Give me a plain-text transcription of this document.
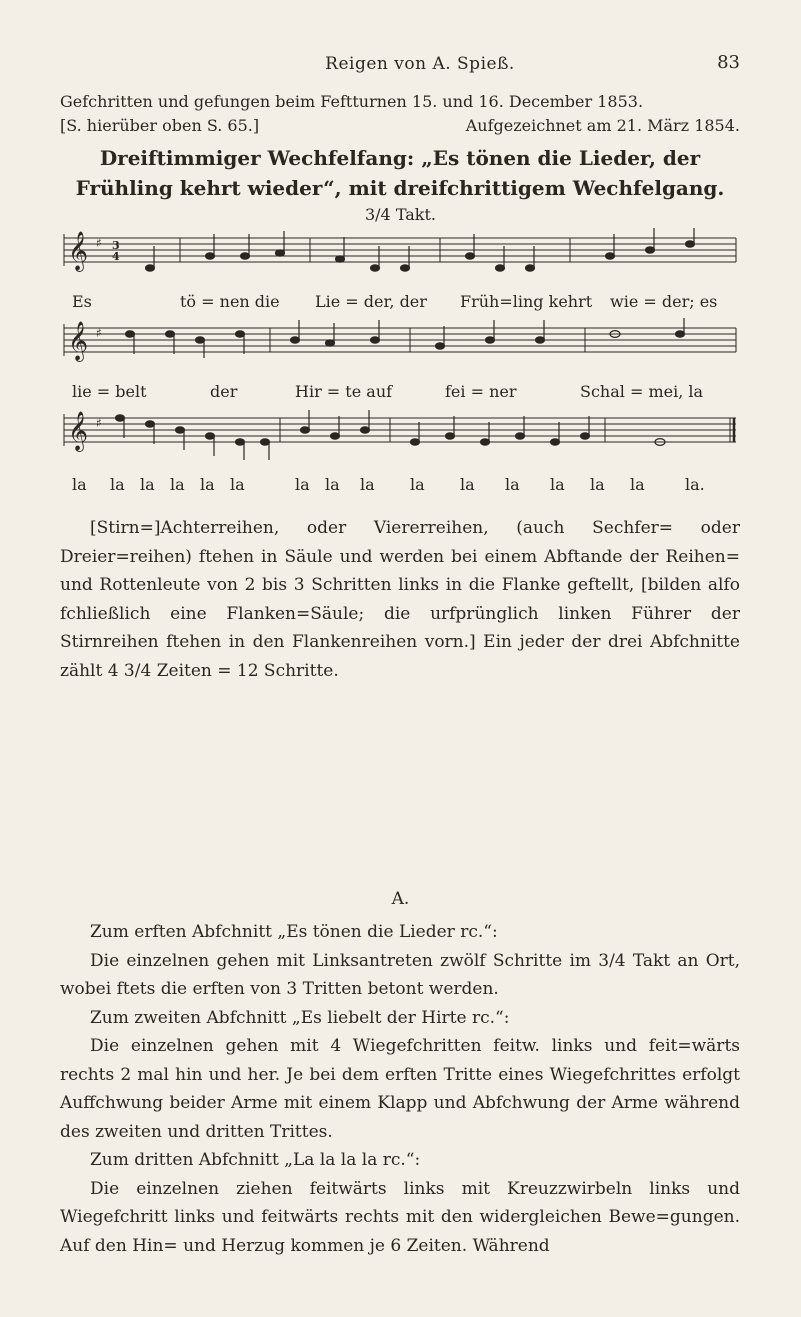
Reigen von A. Spieß.	83
Gefchritten und gefungen beim Feftturnen 15. und 16. December 1853.
[S. hierüber oben S. 65.]	Aufgezeichnet am 21. März 1854.
Dreiftimmiger Wechfelfang: „Es tönen die Lieder, der Frühling kehrt wieder“, mit dreifchrittigem Wechfelgang.
3/4 Takt.
𝄞 ♯ 3
4
Es	tö = nen die Lie = der, der Früh=ling kehrt wie = der; es
𝄞 ♯
lie = belt	der	Hir = te auf	fei = ner	Schal = mei, la
𝄞 ♯
la la la la la la	la la la la la la la la la	la.

[Stirn=]Achterreihen, oder Viererreihen, (auch Sechfer= oder Dreier=reihen) ftehen in Säule und werden bei einem Abftande der Reihen= und Rottenleute von 2 bis 3 Schritten links in die Flanke geftellt, [bilden alfo fchließlich eine Flanken=Säule; die urfprünglich linken Führer der Stirnreihen ftehen in den Flankenreihen vorn.] Ein jeder der drei Abfchnitte zählt 4 3/4 Zeiten = 12 Schritte.

A.

Zum erften Abfchnitt „Es tönen die Lieder rc.“:

Die einzelnen gehen mit Linksantreten zwölf Schritte im 3/4 Takt an Ort, wobei ftets die erften von 3 Tritten betont werden.

Zum zweiten Abfchnitt „Es liebelt der Hirte rc.“:

Die einzelnen gehen mit 4 Wiegefchritten feitw. links und feit=wärts rechts 2 mal hin und her. Je bei dem erften Tritte eines Wiegefchrittes erfolgt Auffchwung beider Arme mit einem Klapp und Abfchwung der Arme während des zweiten und dritten Trittes.

Zum dritten Abfchnitt „La la la la rc.“:

Die einzelnen ziehen feitwärts links mit Kreuzzwirbeln links und Wiegefchritt links und feitwärts rechts mit den widergleichen Bewe=gungen. Auf den Hin= und Herzug kommen je 6 Zeiten. Während
